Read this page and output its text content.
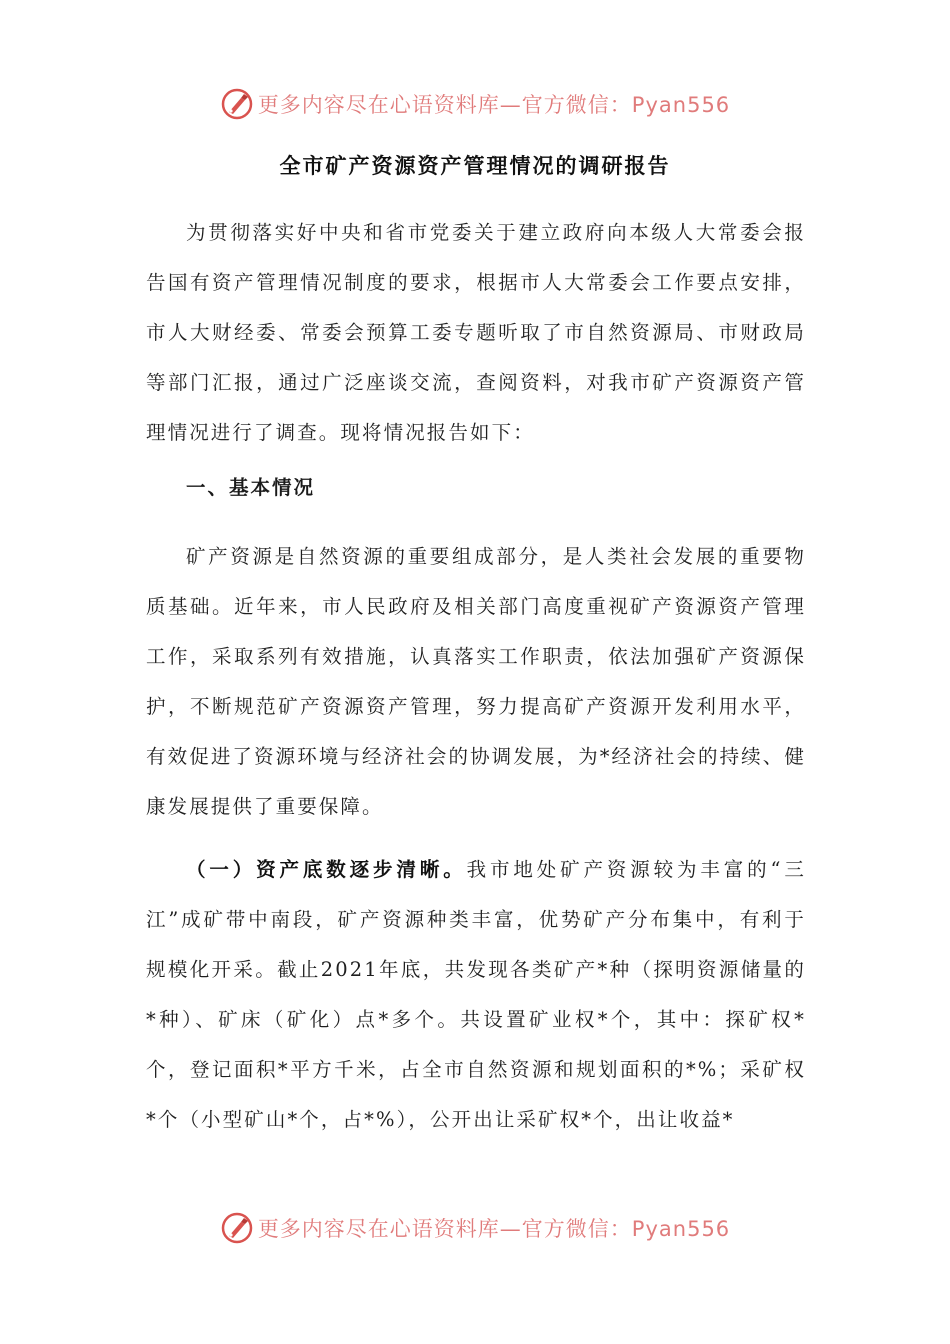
更多内容尽在心语资料库—官方微信：Pyan556
全市矿产资源资产管理情况的调研报告

为贯彻落实好中央和省市党委关于建立政府向本级人大常委会报告国有资产管理情况制度的要求，根据市人大常委会工作要点安排，市人大财经委、常委会预算工委专题听取了市自然资源局、市财政局等部门汇报，通过广泛座谈交流，查阅资料，对我市矿产资源资产管理情况进行了调查。现将情况报告如下：

一、基本情况

矿产资源是自然资源的重要组成部分，是人类社会发展的重要物质基础。近年来，市人民政府及相关部门高度重视矿产资源资产管理工作，采取系列有效措施，认真落实工作职责，依法加强矿产资源保护，不断规范矿产资源资产管理，努力提高矿产资源开发利用水平，有效促进了资源环境与经济社会的协调发展，为*经济社会的持续、健康发展提供了重要保障。

（一）资产底数逐步清晰。我市地处矿产资源较为丰富的“三江”成矿带中南段，矿产资源种类丰富，优势矿产分布集中，有利于规模化开采。截止2021年底，共发现各类矿产*种（探明资源储量的*种）、矿床（矿化）点*多个。共设置矿业权*个，其中：探矿权*个，登记面积*平方千米，占全市自然资源和规划面积的*%；采矿权*个（小型矿山*个，占*%），公开出让采矿权*个，出让收益*

更多内容尽在心语资料库—官方微信：Pyan556
